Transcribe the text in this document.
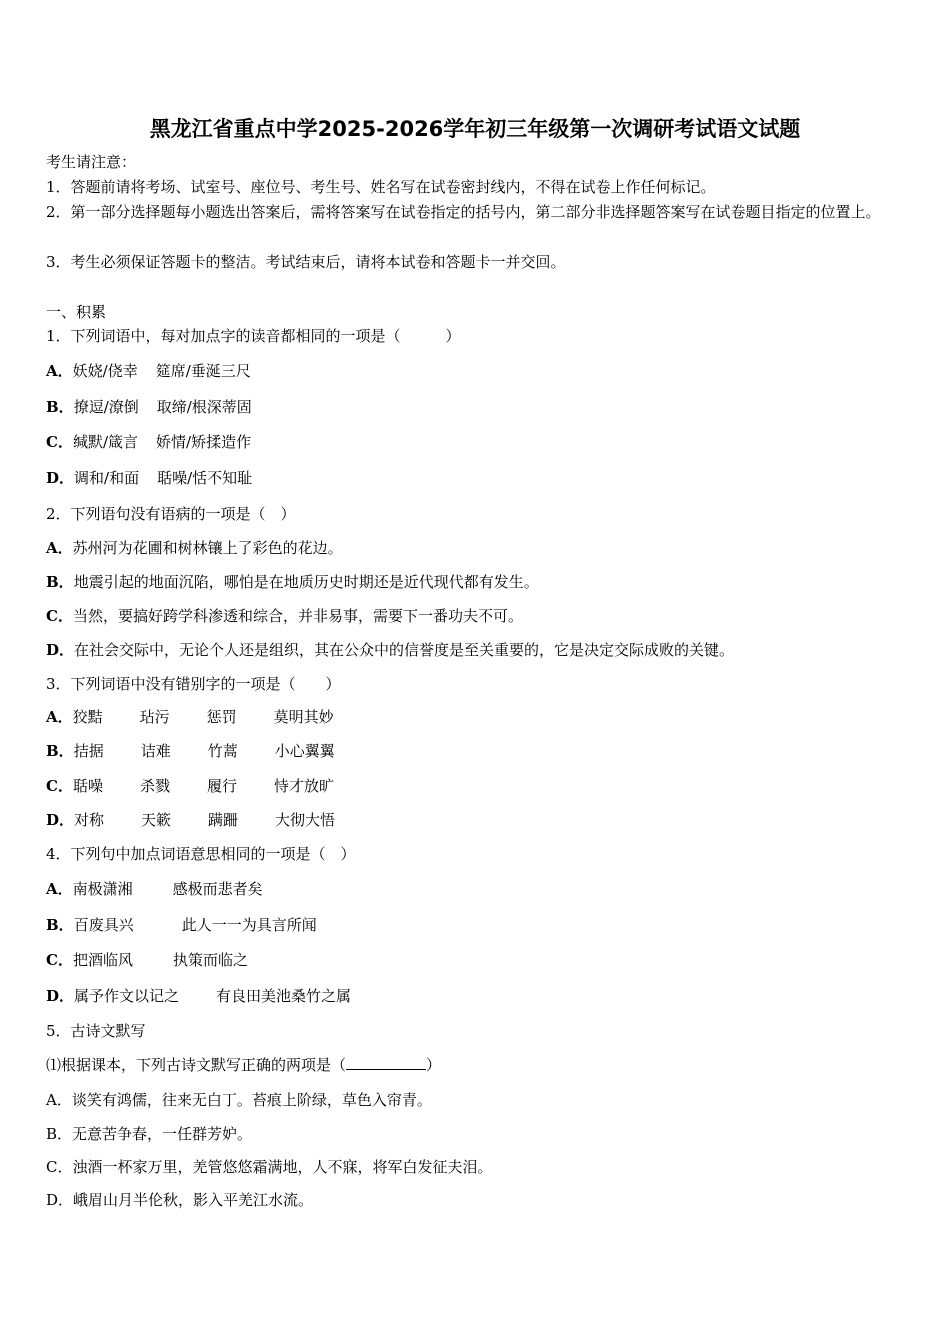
黑龙江省重点中学2025-2026学年初三年级第一次调研考试语文试题
考生请注意：
1．答题前请将考场、试室号、座位号、考生号、姓名写在试卷密封线内，不得在试卷上作任何标记。
2．第一部分选择题每小题选出答案后，需将答案写在试卷指定的括号内，第二部分非选择题答案写在试卷题目指定的位置上。
3．考生必须保证答题卡的整洁。考试结束后，请将本试卷和答题卡一并交回。
一、积累
1．下列词语中，每对加点字的读音都相同的一项是（　　　）
A．妖娆/侥幸 筵席/垂涎三尺
B．撩逗/潦倒 取缔/根深蒂固
C．缄默/箴言 娇情/矫揉造作
D．调和/和面 聒噪/恬不知耻
2．下列语句没有语病的一项是（　）
A．苏州河为花圃和树林镶上了彩色的花边。
B．地震引起的地面沉陷，哪怕是在地质历史时期还是近代现代都有发生。
C．当然，要搞好跨学科渗透和综合，并非易事，需要下一番功夫不可。
D．在社会交际中，无论个人还是组织，其在公众中的信誉度是至关重要的，它是决定交际成败的关键。
3．下列词语中没有错别字的一项是（　　）
A．狡黠 玷污 惩罚 莫明其妙
B．拮据 诘难 竹蒿 小心翼翼
C．聒噪 杀戮 履行 恃才放旷
D．对称 天簌 蹒跚 大彻大悟
4．下列句中加点词语意思相同的一项是（　）
A．南极潇湘	感极而悲者矣
B．百废具兴	此人一一为具言所闻
C．把酒临风	执策而临之
D．属予作文以记之 有良田美池桑竹之属
5．古诗文默写
⑴根据课本，下列古诗文默写正确的两项是（	）
A．谈笑有鸿儒，往来无白丁。苔痕上阶绿，草色入帘青。
B．无意苦争春，一任群芳妒。
C．浊酒一杯家万里，羌管悠悠霜满地，人不寐，将军白发征夫泪。
D．峨眉山月半伦秋，影入平羌江水流。
